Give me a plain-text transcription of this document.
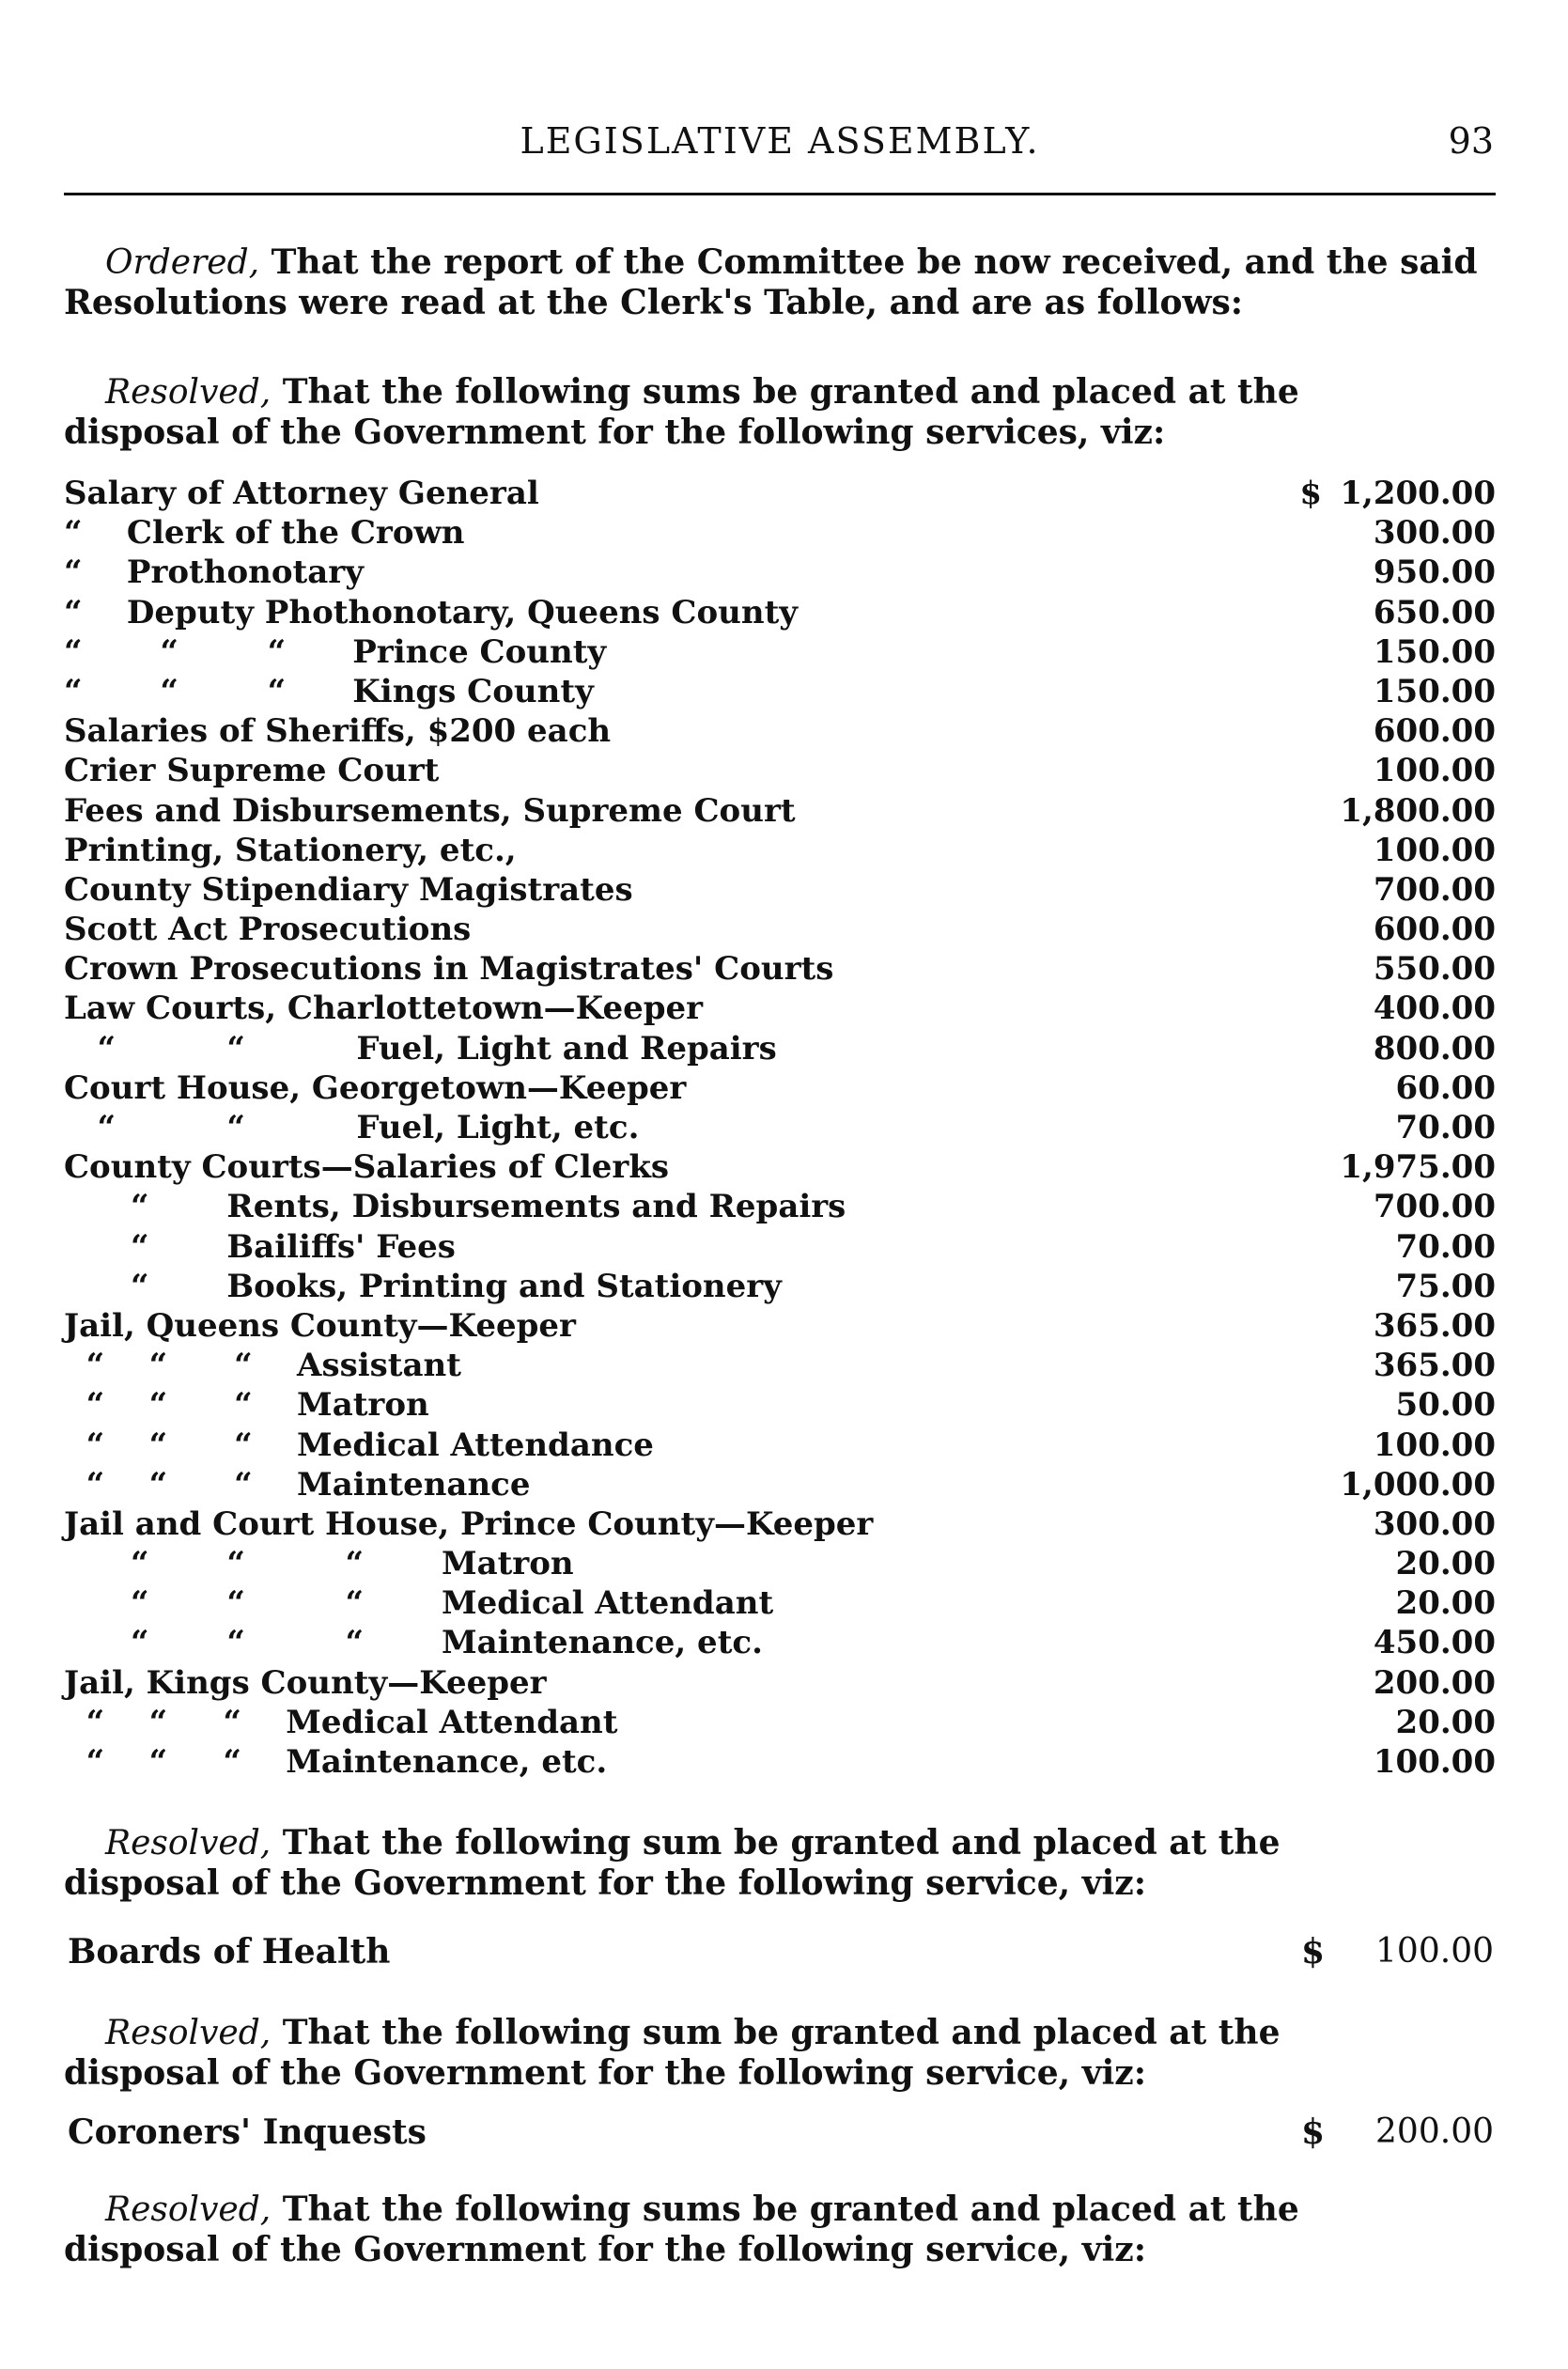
LEGISLATIVE ASSEMBLY.	93
Ordered, That the report of the Committee be now received, and the said Resolutions were read at the Clerk's Table, and are as follows:
Resolved, That the following sums be granted and placed at the disposal of the Government for the following services, viz:
Salary of Attorney General	$ 1,200.00
“    Clerk of the Crown	300.00
“    Prothonotary	950.00
“    Deputy Phothonotary, Queens County	650.00
“       “        “      Prince County	150.00
“       “        “      Kings County	150.00
Salaries of Sheriffs, $200 each	600.00
Crier Supreme Court	100.00
Fees and Disbursements, Supreme Court	1,800.00
Printing, Stationery, etc.,	100.00
County Stipendiary Magistrates	700.00
Scott Act Prosecutions	600.00
Crown Prosecutions in Magistrates' Courts	550.00
Law Courts, Charlottetown—Keeper	400.00
“          “          Fuel, Light and Repairs	800.00
Court House, Georgetown—Keeper	60.00
“          “          Fuel, Light, etc.	70.00
County Courts—Salaries of Clerks	1,975.00
“       Rents, Disbursements and Repairs	700.00
“       Bailiffs' Fees	70.00
“       Books, Printing and Stationery	75.00
Jail, Queens County—Keeper	365.00
“    “      “    Assistant	365.00
“    “      “    Matron	50.00
“    “      “    Medical Attendance	100.00
“    “      “    Maintenance	1,000.00
Jail and Court House, Prince County—Keeper	300.00
“       “         “       Matron	20.00
“       “         “       Medical Attendant	20.00
“       “         “       Maintenance, etc.	450.00
Jail, Kings County—Keeper	200.00
“    “     “    Medical Attendant	20.00
“    “     “    Maintenance, etc.	100.00
Resolved, That the following sum be granted and placed at the disposal of the Government for the following service, viz:
Boards of Health	$ 100.00
Resolved, That the following sum be granted and placed at the disposal of the Government for the following service, viz:
Coroners' Inquests	$ 200.00
Resolved, That the following sums be granted and placed at the disposal of the Government for the following service, viz:
